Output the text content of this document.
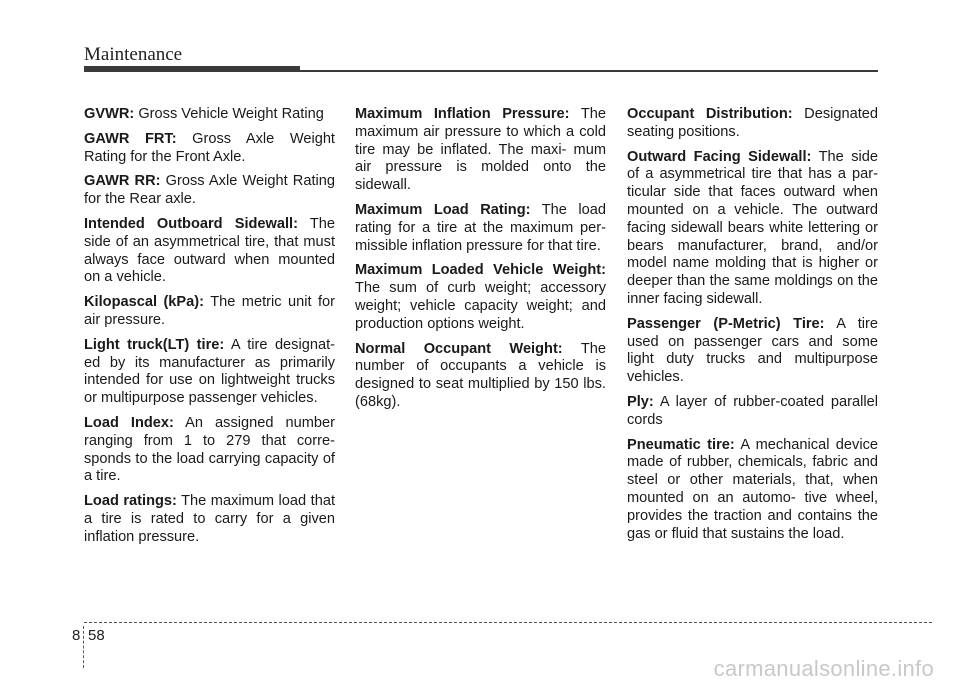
Maintenance

GVWR: Gross Vehicle Weight Rating

GAWR FRT: Gross Axle Weight Rating for the Front Axle.

GAWR RR: Gross Axle Weight Rating for the Rear axle.

Intended Outboard Sidewall: The side of an asymmetrical tire, that must always face outward when mounted on a vehicle.

Kilopascal (kPa): The metric unit for air pressure.

Light truck(LT) tire: A tire designat- ed by its manufacturer as primarily intended for use on lightweight trucks or multipurpose passenger vehicles.

Load Index: An assigned number ranging from 1 to 279 that corre- sponds to the load carrying capacity of a tire.

Load ratings: The maximum load that a tire is rated to carry for a given inflation pressure.

Maximum Inflation Pressure: The maximum air pressure to which a cold tire may be inflated. The maxi- mum air pressure is molded onto the sidewall.

Maximum Load Rating: The load rating for a tire at the maximum per- missible inflation pressure for that tire.

Maximum Loaded Vehicle Weight: The sum of curb weight; accessory weight; vehicle capacity weight; and production options weight.

Normal Occupant Weight: The number of occupants a vehicle is designed to seat multiplied by 150 lbs. (68kg).

Occupant Distribution: Designated seating positions.

Outward Facing Sidewall: The side of a asymmetrical tire that has a par- ticular side that faces outward when mounted on a vehicle. The outward facing sidewall bears white lettering or bears manufacturer, brand, and/or model name molding that is higher or deeper than the same moldings on the inner facing sidewall.

Passenger (P-Metric) Tire: A tire used on passenger cars and some light duty trucks and multipurpose vehicles.

Ply: A layer of rubber-coated parallel cords

Pneumatic tire: A mechanical device made of rubber, chemicals, fabric and steel or other materials, that, when mounted on an automo- tive wheel, provides the traction and contains the gas or fluid that sustains the load.

8 58
carmanualsonline.info
